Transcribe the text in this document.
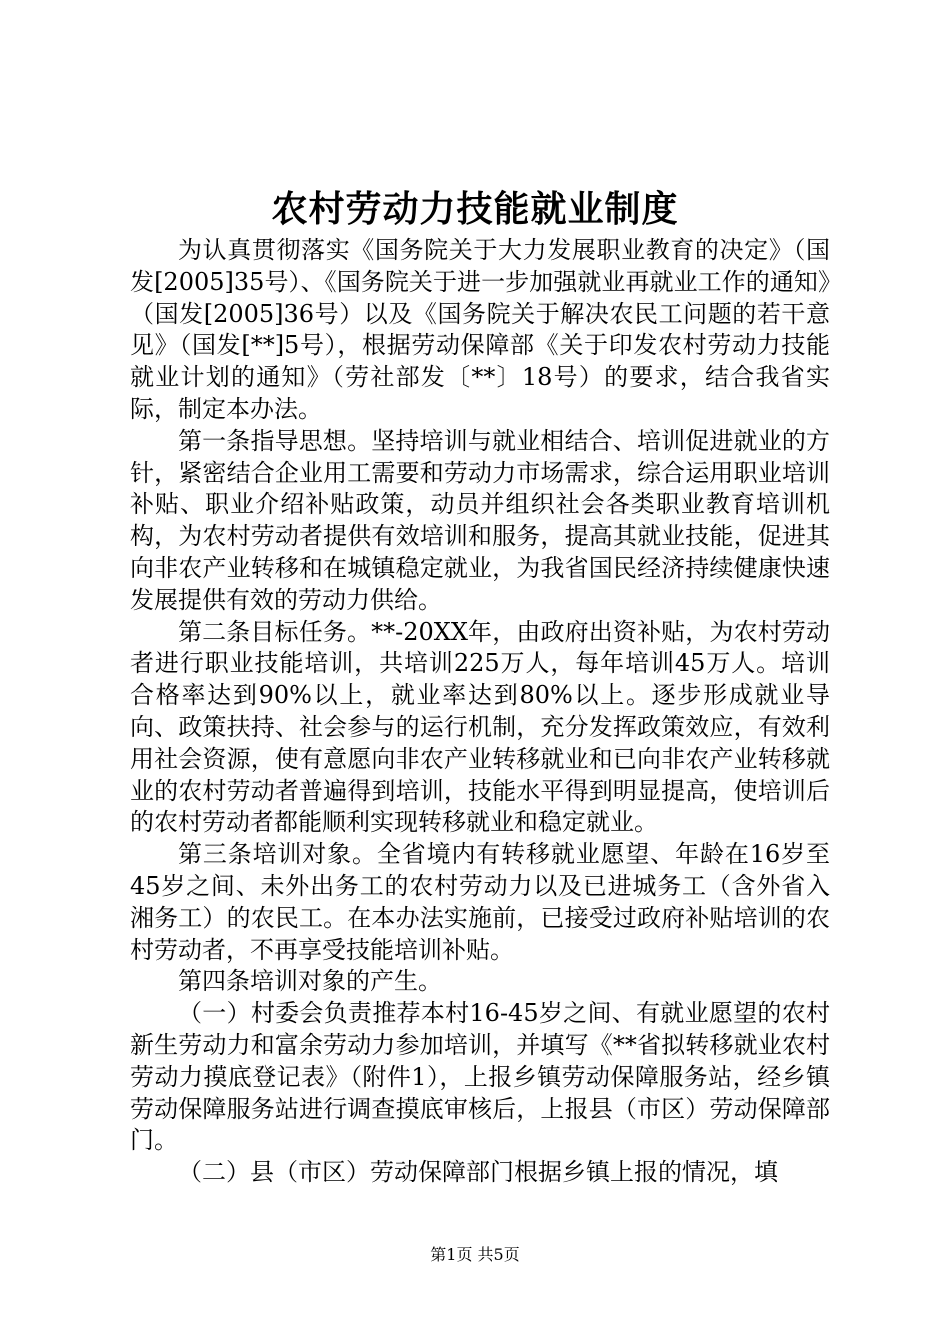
农村劳动力技能就业制度

为认真贯彻落实《国务院关于大力发展职业教育的决定》（国发[2005]35号）、《国务院关于进一步加强就业再就业工作的通知》（国发[2005]36号）以及《国务院关于解决农民工问题的若干意见》（国发[**]5号），根据劳动保障部《关于印发农村劳动力技能就业计划的通知》（劳社部发〔**〕18号）的要求，结合我省实际，制定本办法。

第一条指导思想。坚持培训与就业相结合、培训促进就业的方针，紧密结合企业用工需要和劳动力市场需求，综合运用职业培训补贴、职业介绍补贴政策，动员并组织社会各类职业教育培训机构，为农村劳动者提供有效培训和服务，提高其就业技能，促进其向非农产业转移和在城镇稳定就业，为我省国民经济持续健康快速发展提供有效的劳动力供给。

第二条目标任务。**-20XX年，由政府出资补贴，为农村劳动者进行职业技能培训，共培训225万人，每年培训45万人。培训合格率达到90%以上，就业率达到80%以上。逐步形成就业导向、政策扶持、社会参与的运行机制，充分发挥政策效应，有效利用社会资源，使有意愿向非农产业转移就业和已向非农产业转移就业的农村劳动者普遍得到培训，技能水平得到明显提高，使培训后的农村劳动者都能顺利实现转移就业和稳定就业。

第三条培训对象。全省境内有转移就业愿望、年龄在16岁至45岁之间、未外出务工的农村劳动力以及已进城务工（含外省入湘务工）的农民工。在本办法实施前，已接受过政府补贴培训的农村劳动者，不再享受技能培训补贴。

第四条培训对象的产生。

（一）村委会负责推荐本村16-45岁之间、有就业愿望的农村新生劳动力和富余劳动力参加培训，并填写《**省拟转移就业农村劳动力摸底登记表》（附件1），上报乡镇劳动保障服务站，经乡镇劳动保障服务站进行调查摸底审核后，上报县（市区）劳动保障部门。

（二）县（市区）劳动保障部门根据乡镇上报的情况，填

第1页 共5页
